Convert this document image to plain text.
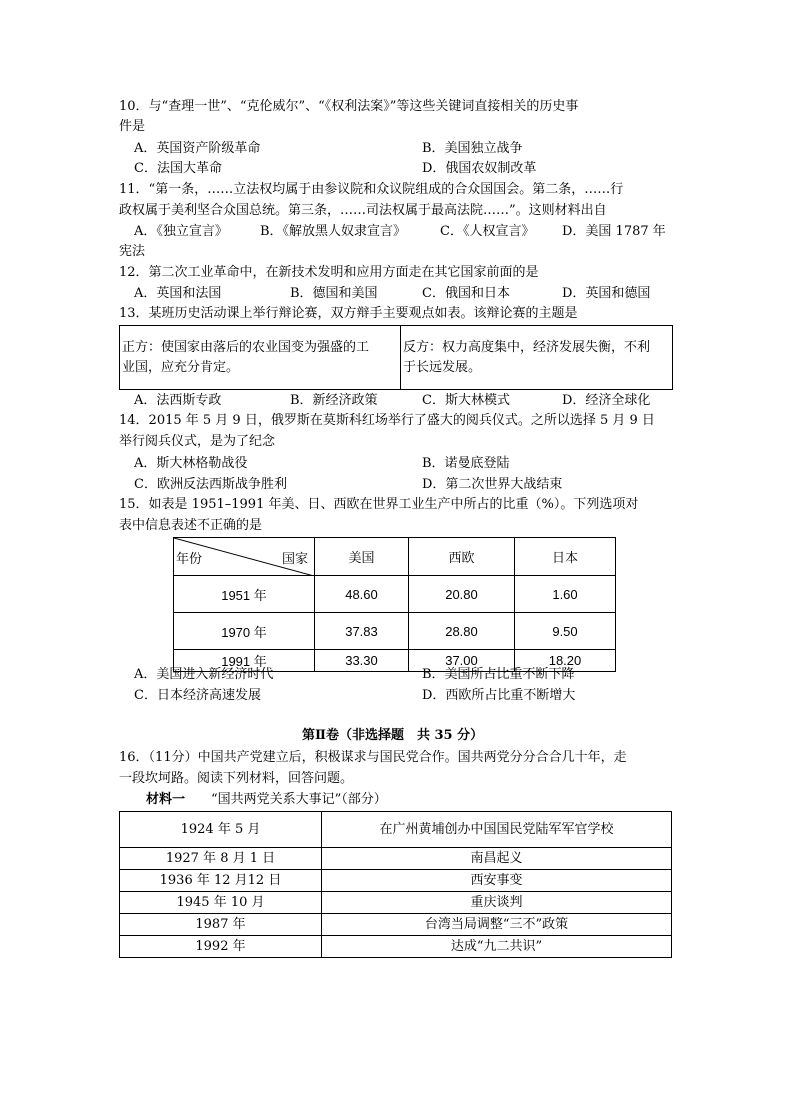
10．与“查理一世”、“克伦威尔”、“《权利法案》”等这些关键词直接相关的历史事
件是
A．英国资产阶级革命	B．美国独立战争
C．法国大革命	D．俄国农奴制改革
11．“第一条，……立法权均属于由参议院和众议院组成的合众国国会。第二条，……行
政权属于美利坚合众国总统。第三条，……司法权属于最高法院……”。这则材料出自
A．《独立宣言》 B．《解放黑人奴隶宣言》	C．《人权宣言》 D．美国 1787 年
宪法
12．第二次工业革命中，在新技术发明和应用方面走在其它国家前面的是
A．英国和法国	B．德国和美国	C．俄国和日本	D．英国和德国
13．某班历史活动课上举行辩论赛，双方辩手主要观点如表。该辩论赛的主题是
正方：使国家由落后的农业国变为强盛的工
业国，应充分肯定。

反方：权力高度集中，经济发展失衡，不利
于长远发展。
A．法西斯专政	B．新经济政策	C．斯大林模式	D．经济全球化
14．2015 年 5 月 9 日，俄罗斯在莫斯科红场举行了盛大的阅兵仪式。之所以选择 5 月 9 日
举行阅兵仪式，是为了纪念
A．斯大林格勒战役	B．诺曼底登陆
C．欧洲反法西斯战争胜利	D．第二次世界大战结束
15．如表是 1951–1991 年美、日、西欧在世界工业生产中所占的比重（%）。下列选项对
表中信息表述不正确的是
年份 国家	美国	西欧	日本
1951 年	48.60	20.80	1.60
1970 年	37.83	28.80	9.50
1991 年	33.30	37.00	18.20
A．美国进入新经济时代	B．美国所占比重不断下降
C．日本经济高速发展	D．西欧所占比重不断增大
第Ⅱ卷（非选择题　共 35 分）
16．（11分）中国共产党建立后，积极谋求与国民党合作。国共两党分分合合几十年，走
一段坎坷路。阅读下列材料，回答问题。
材料一 “国共两党关系大事记”（部分）
1924 年 5 月	在广州黄埔创办中国国民党陆军军官学校
1927 年 8 月 1 日	南昌起义
1936 年 12 月12 日	西安事变
1945 年 10 月	重庆谈判
1987 年	台湾当局调整“三不”政策
1992 年	达成“九二共识”
